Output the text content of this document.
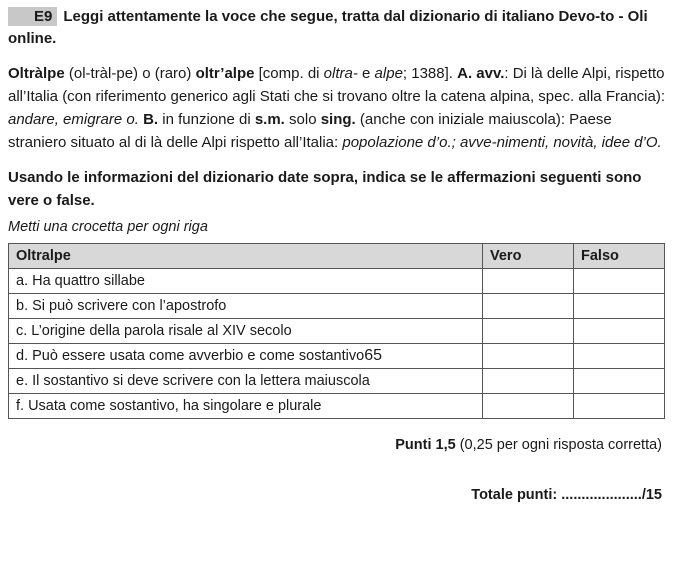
E9 Leggi attentamente la voce che segue, tratta dal dizionario di italiano Devo-to - Oli online.
Oltràlpe (ol-tràl-pe) o (raro) oltr’alpe [comp. di oltra- e alpe; 1388]. A. avv.: Di là delle Alpi, rispetto all’Italia (con riferimento generico agli Stati che si trovano oltre la catena alpina, spec. alla Francia): andare, emigrare o. B. in funzione di s.m. solo sing. (anche con iniziale maiuscola): Paese straniero situato al di là delle Alpi rispetto all’Italia: popolazione d’o.; avve-nimenti, novità, idee d’O.
Usando le informazioni del dizionario date sopra, indica se le affermazioni seguenti sono vere o false.
Metti una crocetta per ogni riga
Oltralpe	Vero	Falso
a. Ha quattro sillabe		
b. Si può scrivere con l’apostrofo		
c. L’origine della parola risale al XIV secolo		
d. Può essere usata come avverbio e come sostantivo65		
e. Il sostantivo si deve scrivere con la lettera maiuscola		
f. Usata come sostantivo, ha singolare e plurale		
Punti 1,5 (0,25 per ogni risposta corretta)
Totale punti: ..................../15
